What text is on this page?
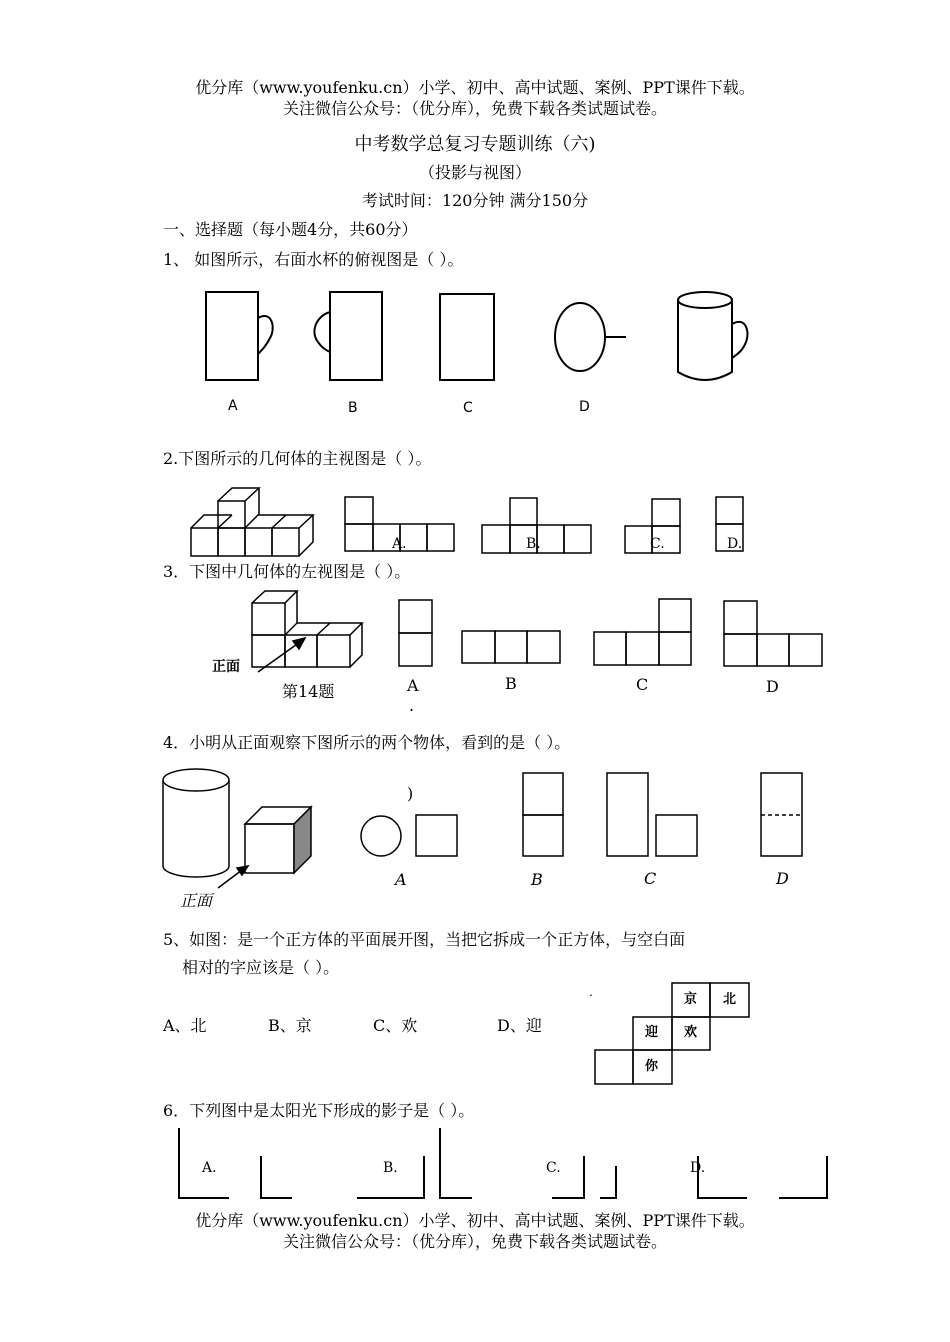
优分库（www.youfenku.cn）小学、初中、高中试题、案例、PPT课件下载。
关注微信公众号：（优分库），免费下载各类试题试卷。
中考数学总复习专题训练（六)
（投影与视图）
考试时间：120分钟 满分150分
一、选择题（每小题4分，共60分）
1、 如图所示，右面水杯的俯视图是（ ）。
A	B	C	D
2.下图所示的几何体的主视图是（ ）。
A.	B.	C.	D.
3．下图中几何体的左视图是（ ）。
正面
第14题	A
.
B	C	D
4．小明从正面观察下图所示的两个物体，看到的是（ ）。
正面
)
A	B	C	D
5、如图：是一个正方体的平面展开图，当把它拆成一个正方体，与空白面
相对的字应该是（ ）。
A、北	B、京	C、欢	D、迎
.	京 北
迎 欢
你
6．下列图中是太阳光下形成的影子是（ ）。
A.	B.	C.	D.
优分库（www.youfenku.cn）小学、初中、高中试题、案例、PPT课件下载。
关注微信公众号：（优分库），免费下载各类试题试卷。
